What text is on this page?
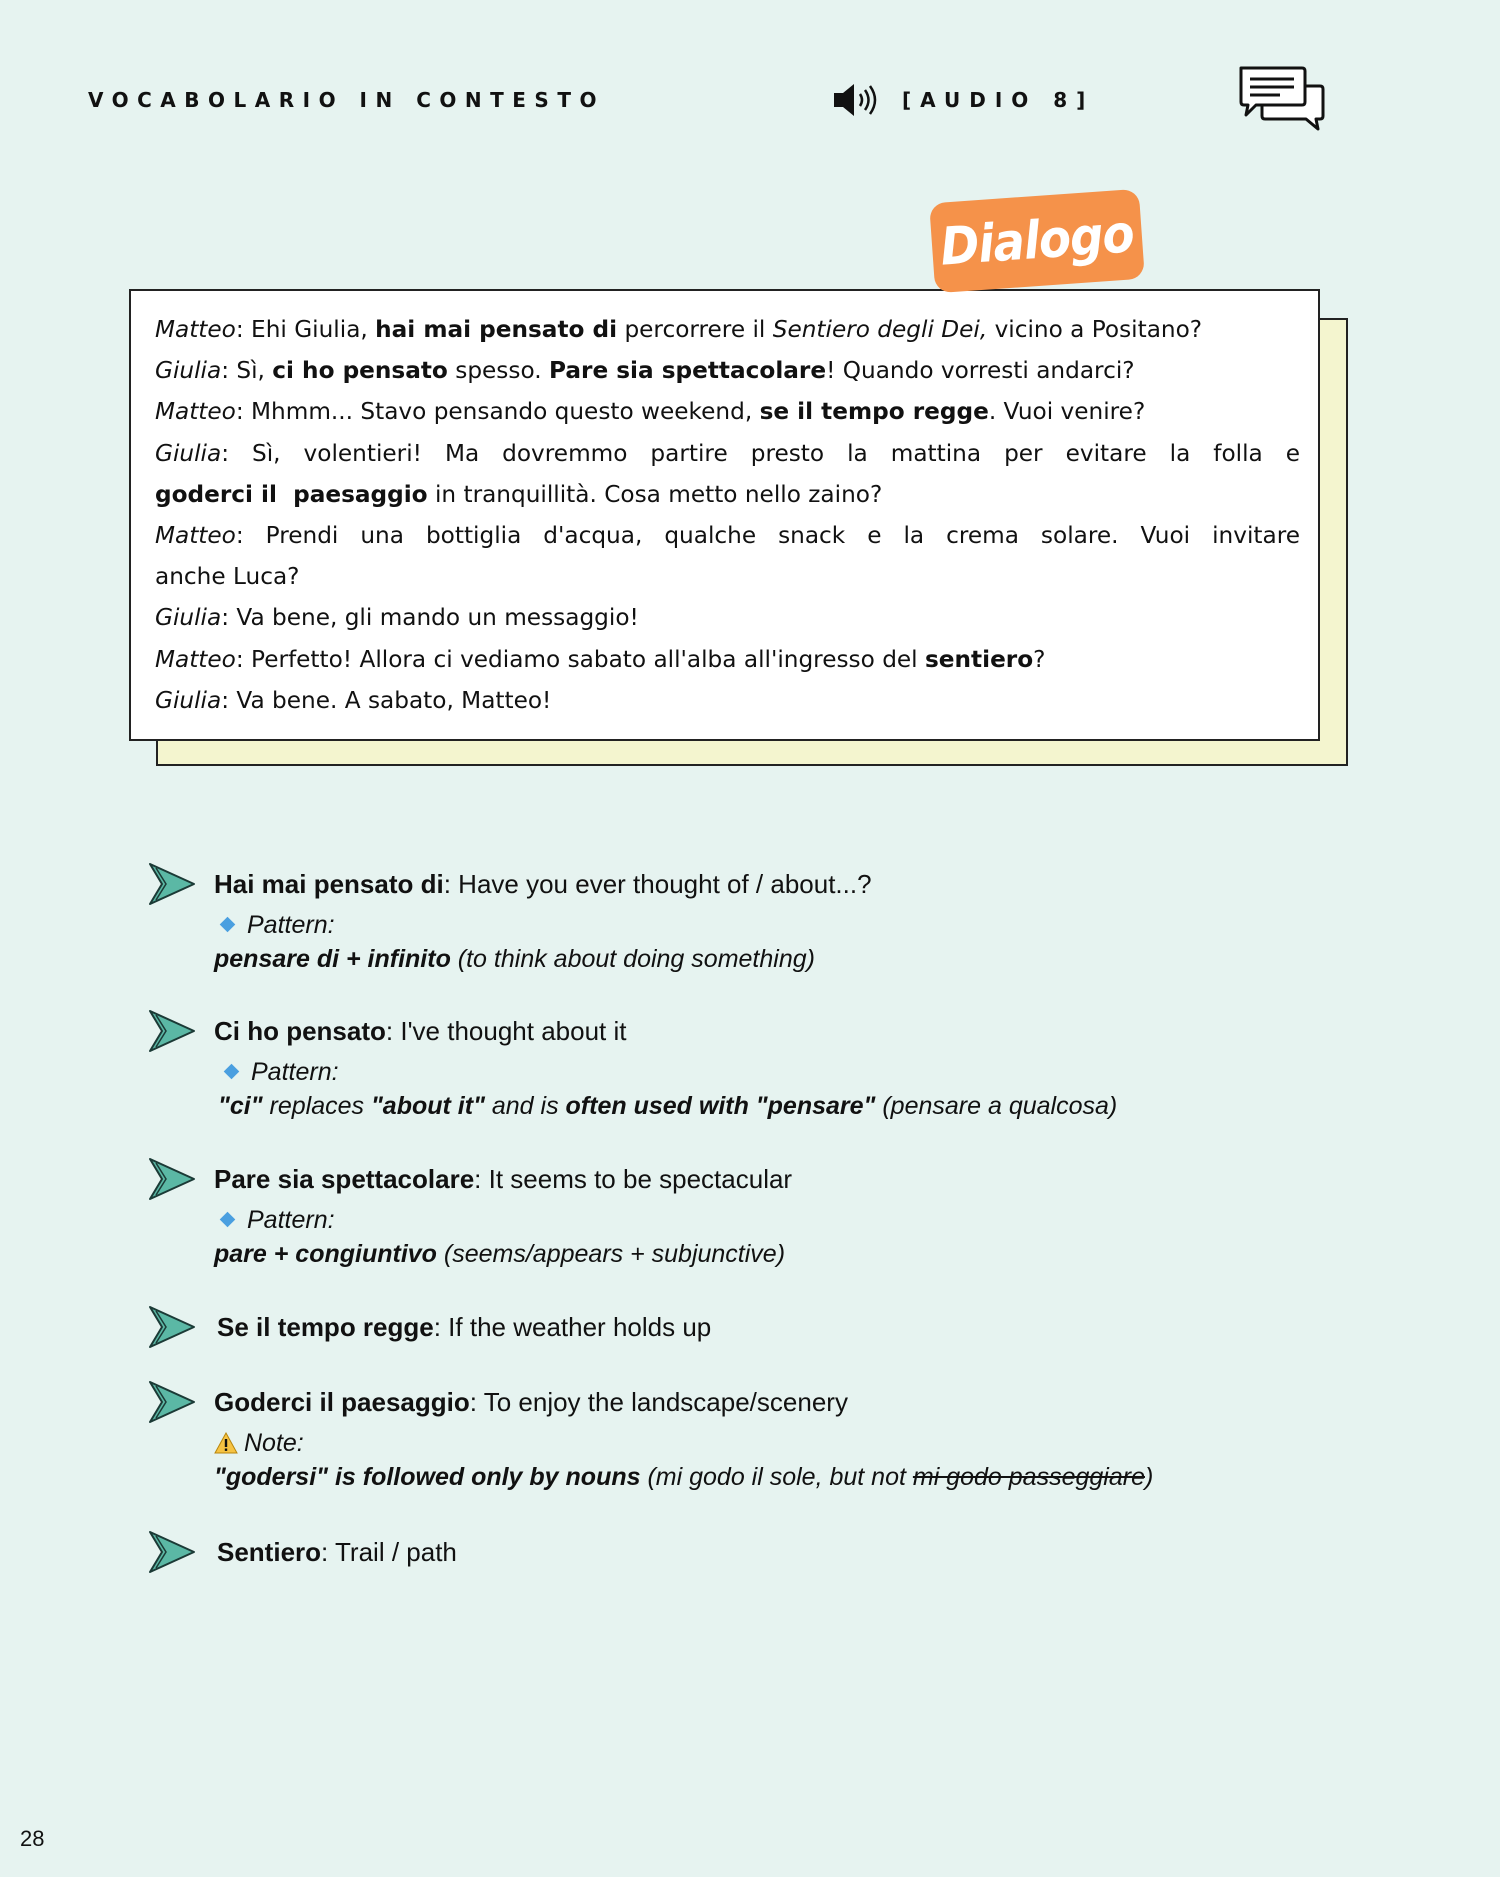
VOCABOLARIO IN CONTESTO	[AUDIO 8]
Matteo: Ehi Giulia, hai mai pensato di percorrere il Sentiero degli Dei, vicino a Positano?
Giulia: Sì, ci ho pensato spesso. Pare sia spettacolare! Quando vorresti andarci?
Matteo: Mhmm... Stavo pensando questo weekend, se il tempo regge. Vuoi venire?
Giulia: Sì, volentieri! Ma dovremmo partire presto la mattina per evitare la folla e
goderci il  paesaggio in tranquillità. Cosa metto nello zaino?
Matteo: Prendi una bottiglia d'acqua, qualche snack e la crema solare. Vuoi invitare
anche Luca?
Giulia: Va bene, gli mando un messaggio!
Matteo: Perfetto! Allora ci vediamo sabato all'alba all'ingresso del sentiero?
Giulia: Va bene. A sabato, Matteo!
Dialogo
Hai mai pensato di: Have you ever thought of / about...?
Pattern:
pensare di + infinito (to think about doing something)
Ci ho pensato: I've thought about it
Pattern:
"ci" replaces "about it" and is often used with "pensare" (pensare a qualcosa)
Pare sia spettacolare: It seems to be spectacular
Pattern:
pare + congiuntivo (seems/appears + subjunctive)
Se il tempo regge: If the weather holds up
Goderci il paesaggio: To enjoy the landscape/scenery
Note:
"godersi" is followed only by nouns (mi godo il sole, but not mi godo passeggiare)
Sentiero: Trail / path
28
